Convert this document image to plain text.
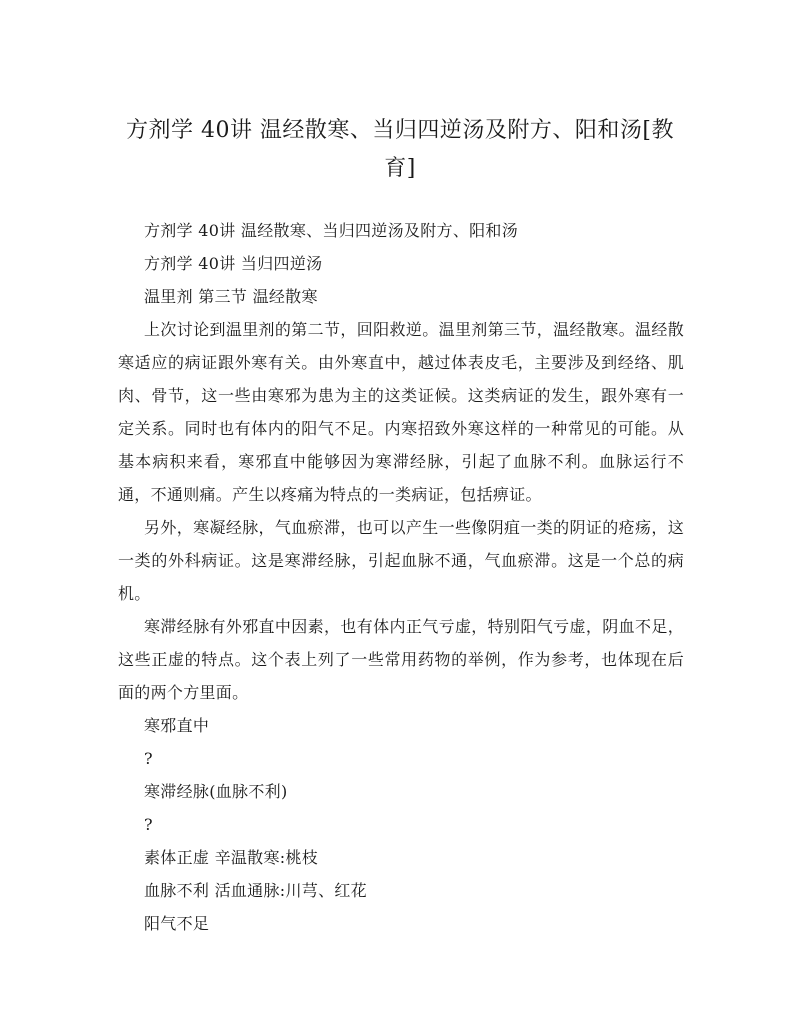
方剂学 40讲 温经散寒、当归四逆汤及附方、阳和汤[教育]

方剂学 40讲 温经散寒、当归四逆汤及附方、阳和汤

方剂学 40讲 当归四逆汤

温里剂 第三节 温经散寒

上次讨论到温里剂的第二节，回阳救逆。温里剂第三节，温经散寒。温经散寒适应的病证跟外寒有关。由外寒直中，越过体表皮毛，主要涉及到经络、肌肉、骨节，这一些由寒邪为患为主的这类证候。这类病证的发生，跟外寒有一定关系。同时也有体内的阳气不足。内寒招致外寒这样的一种常见的可能。从基本病积来看，寒邪直中能够因为寒滞经脉，引起了血脉不利。血脉运行不通，不通则痛。产生以疼痛为特点的一类病证，包括痹证。

另外，寒凝经脉，气血瘀滞，也可以产生一些像阴疽一类的阴证的疮疡，这一类的外科病证。这是寒滞经脉，引起血脉不通，气血瘀滞。这是一个总的病机。

寒滞经脉有外邪直中因素，也有体内正气亏虚，特别阳气亏虚，阴血不足，这些正虚的特点。这个表上列了一些常用药物的举例，作为参考，也体现在后面的两个方里面。

寒邪直中

?

寒滞经脉(血脉不利)

?

素体正虚 辛温散寒:桃枝

血脉不利 活血通脉:川芎、红花

阳气不足
